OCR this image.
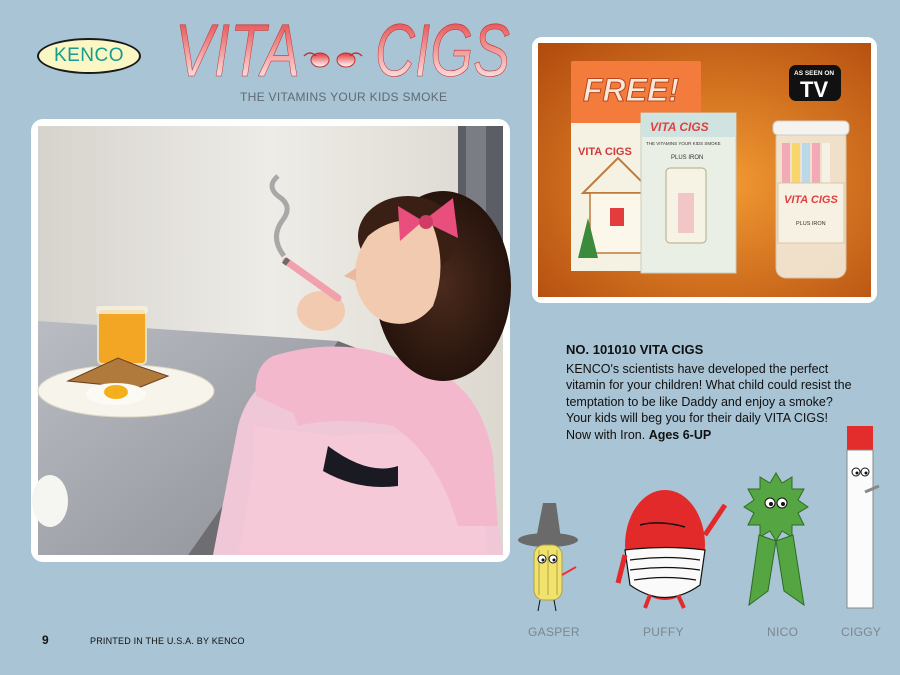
KENCO VITA CIGS
THE VITAMINS YOUR KIDS SMOKE	FREE!
VITA CIGS
VITA CIGS
THE VITAMINS YOUR KIDS SMOKE
PLUS IRON
VITA CIGS
PLUS IRON
AS SEEN ON
TV
NO. 101010 VITA CIGS
KENCO's scientists have developed the perfect vitamin for your children! What child could resist the temptation to be like Daddy and enjoy a smoke? Your kids will beg you for their daily VITA CIGS! Now with Iron. Ages 6-UP
GASPER	PUFFY	NICO	CIGGY
9	PRINTED IN THE U.S.A. BY KENCO
